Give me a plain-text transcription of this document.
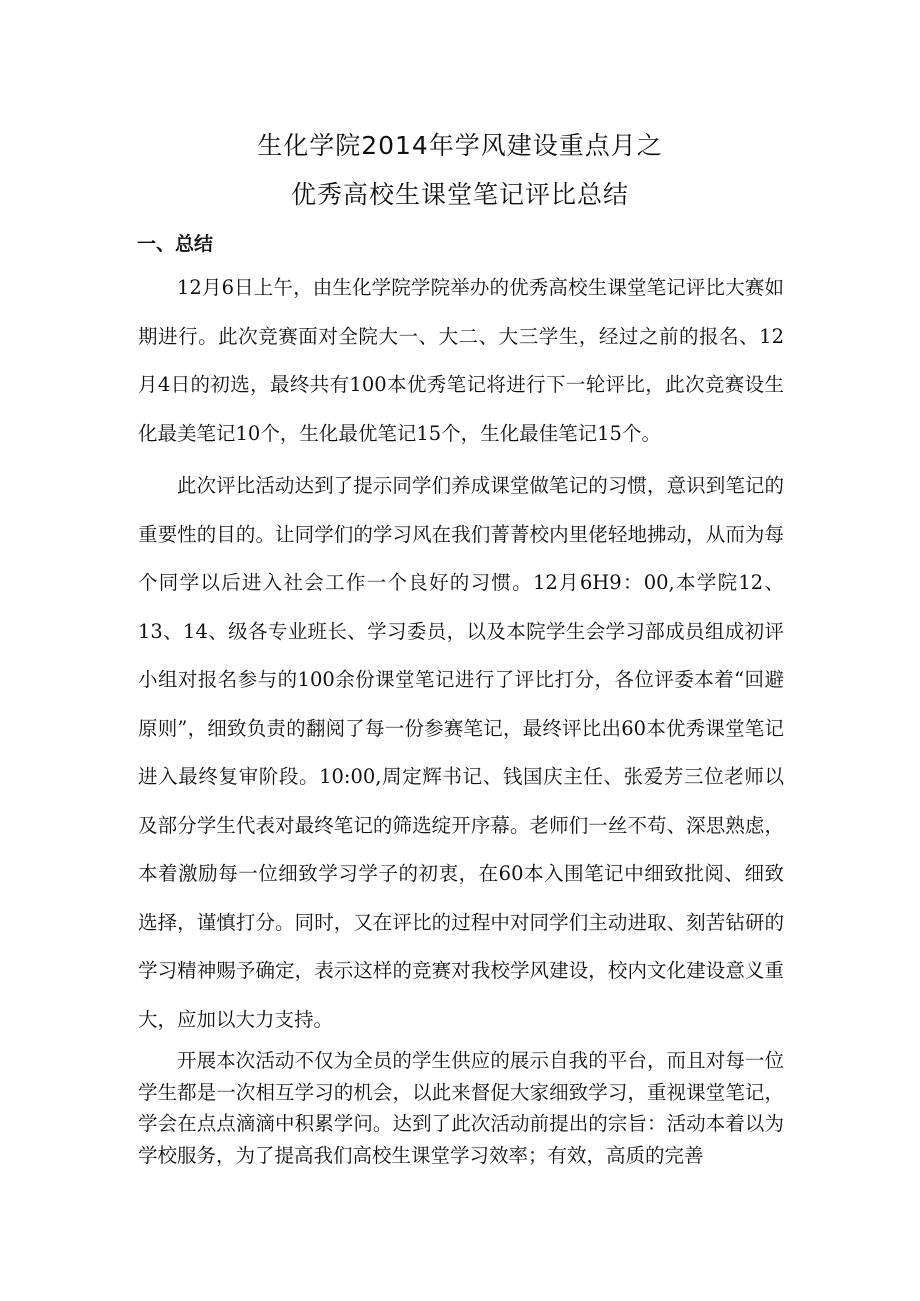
生化学院2014年学风建设重点月之
优秀高校生课堂笔记评比总结
一、总结

12月6日上午，由生化学院学院举办的优秀高校生课堂笔记评比大赛如期进行。此次竞赛面对全院大一、大二、大三学生，经过之前的报名、12月4日的初选，最终共有100本优秀笔记将进行下一轮评比，此次竞赛设生化最美笔记10个，生化最优笔记15个，生化最佳笔记15个。

此次评比活动达到了提示同学们养成课堂做笔记的习惯，意识到笔记的重要性的目的。让同学们的学习风在我们菁菁校内里佬轻地拂动，从而为每个同学以后进入社会工作一个良好的习惯。12月6H9：00,本学院12、13、14、级各专业班长、学习委员，以及本院学生会学习部成员组成初评小组对报名参与的100余份课堂笔记进行了评比打分，各位评委本着“回避原则”，细致负责的翻阅了每一份参赛笔记，最终评比出60本优秀课堂笔记进入最终复审阶段。10:00,周定辉书记、钱国庆主任、张爱芳三位老师以及部分学生代表对最终笔记的筛选绽开序幕。老师们一丝不苟、深思熟虑，本着激励每一位细致学习学子的初衷，在60本入围笔记中细致批阅、细致选择，谨慎打分。同时，又在评比的过程中对同学们主动进取、刻苦钻研的学习精神赐予确定，表示这样的竞赛对我校学风建设，校内文化建设意义重大，应加以大力支持。

开展本次活动不仅为全员的学生供应的展示自我的平台，而且对每一位学生都是一次相互学习的机会，以此来督促大家细致学习，重视课堂笔记，学会在点点滴滴中积累学问。达到了此次活动前提出的宗旨：活动本着以为学校服务，为了提高我们高校生课堂学习效率；有效，高质的完善
